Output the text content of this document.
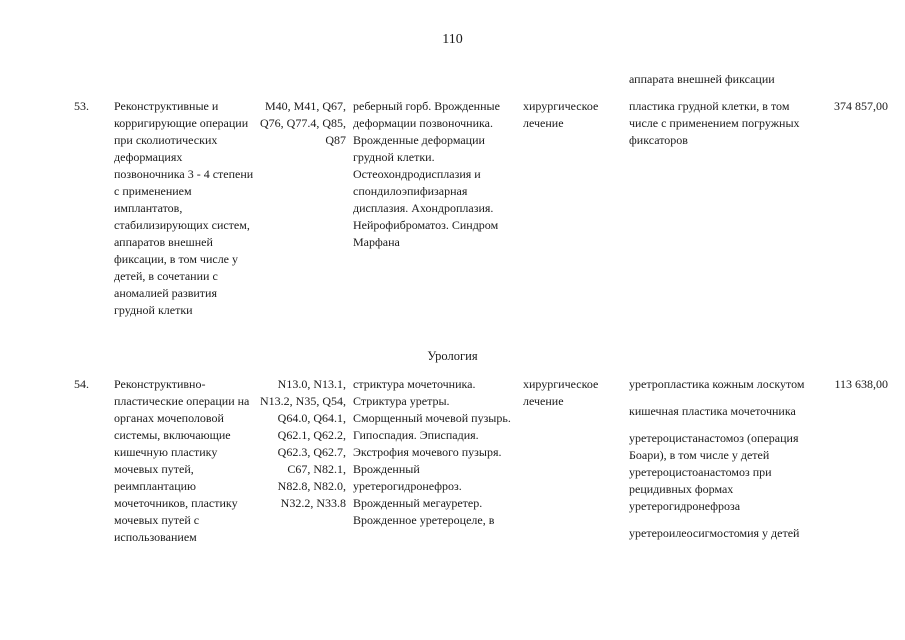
110
аппарата внешней фиксации
53.	Реконструктивные и корригирующие операции при сколиотических деформациях позвоночника 3 - 4 степени с применением имплантатов, стабилизирующих систем, аппаратов внешней фиксации, в том числе у детей, в сочетании с аномалией развития грудной клетки
M40, M41, Q67, Q76, Q77.4, Q85, Q87
реберный горб. Врожденные деформации позвоночника. Врожденные деформации грудной клетки. Остеохондродисплазия и спондилоэпифизарная дисплазия. Ахондроплазия. Нейрофиброматоз. Синдром Марфана
хирургическое лечение
пластика грудной клетки, в том числе с применением погружных фиксаторов
374 857,00
Урология
54.	Реконструктивно-пластические операции на органах мочеполовой системы, включающие кишечную пластику мочевых путей, реимплантацию мочеточников, пластику мочевых путей с использованием
N13.0, N13.1, N13.2, N35, Q54, Q64.0, Q64.1, Q62.1, Q62.2, Q62.3, Q62.7, C67, N82.1, N82.8, N82.0, N32.2, N33.8
стриктура мочеточника. Стриктура уретры. Сморщенный мочевой пузырь. Гипоспадия. Эписпадия. Экстрофия мочевого пузыря. Врожденный уретерогидронефроз. Врожденный мегауретер. Врожденное уретероцеле, в
хирургическое лечение
уретропластика кожным лоскутом
кишечная пластика мочеточника
уретероцистанастомоз (операция Боари), в том числе у детей уретероцистоанастомоз при рецидивных формах уретерогидронефроза
уретероилеосигмостомия у детей
113 638,00
